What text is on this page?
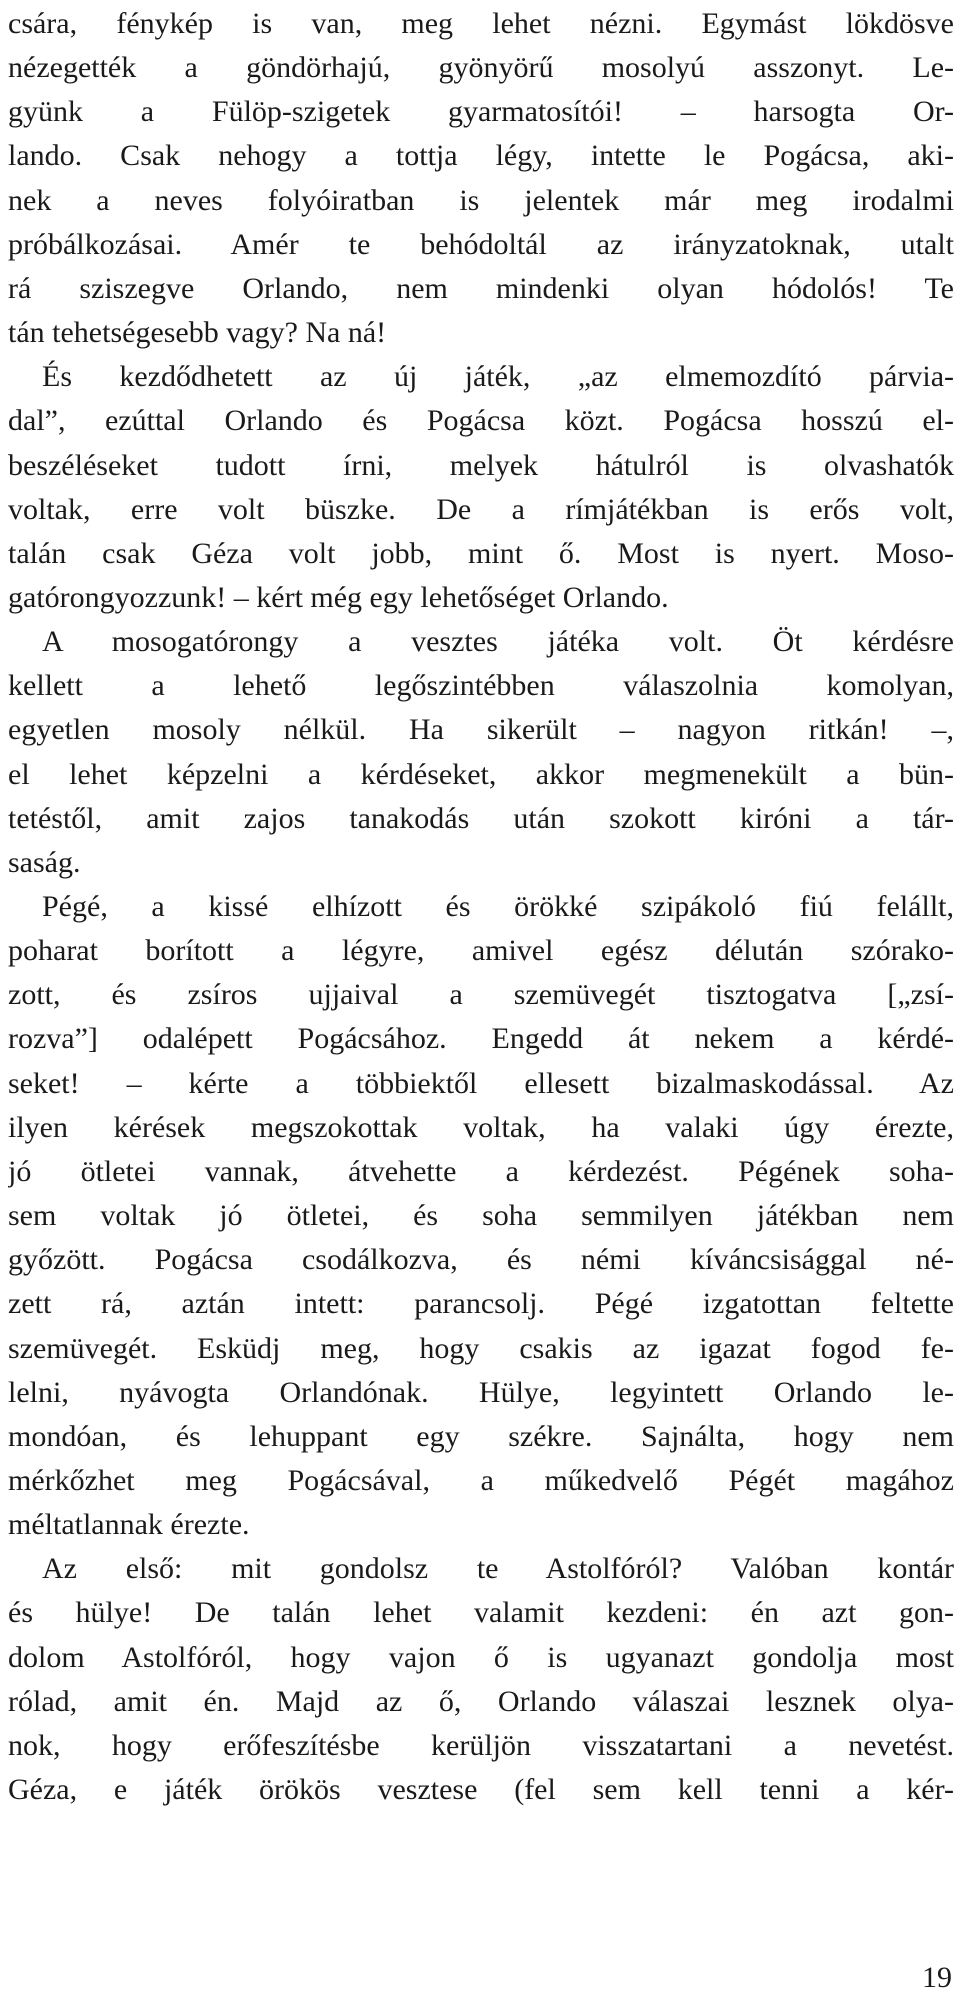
csára, fénykép is van, meg lehet nézni. Egymást lökdösve
nézegették a göndörhajú, gyönyörű mosolyú asszonyt. Le-
gyünk a Fülöp-szigetek gyarmatosítói! – harsogta Or-
lando. Csak nehogy a tottja légy, intette le Pogácsa, aki-
nek a neves folyóiratban is jelentek már meg irodalmi
próbálkozásai. Amér te behódoltál az irányzatoknak, utalt
rá sziszegve Orlando, nem mindenki olyan hódolós! Te
tán tehetségesebb vagy? Na ná!
És kezdődhetett az új játék, „az elmemozdító párvia-
dal”, ezúttal Orlando és Pogácsa közt. Pogácsa hosszú el-
beszéléseket tudott írni, melyek hátulról is olvashatók
voltak, erre volt büszke. De a rímjátékban is erős volt,
talán csak Géza volt jobb, mint ő. Most is nyert. Moso-
gatórongyozzunk! – kért még egy lehetőséget Orlando.
A mosogatórongy a vesztes játéka volt. Öt kérdésre
kellett a lehető legőszintébben válaszolnia komolyan,
egyetlen mosoly nélkül. Ha sikerült – nagyon ritkán! –,
el lehet képzelni a kérdéseket, akkor megmenekült a bün-
tetéstől, amit zajos tanakodás után szokott kiróni a tár-
saság.
Pégé, a kissé elhízott és örökké szipákoló fiú felállt,
poharat borított a légyre, amivel egész délután szórako-
zott, és zsíros ujjaival a szemüvegét tisztogatva [„zsí-
rozva”] odalépett Pogácsához. Engedd át nekem a kérdé-
seket! – kérte a többiektől ellesett bizalmaskodással. Az
ilyen kérések megszokottak voltak, ha valaki úgy érezte,
jó ötletei vannak, átvehette a kérdezést. Pégének soha-
sem voltak jó ötletei, és soha semmilyen játékban nem
győzött. Pogácsa csodálkozva, és némi kíváncsisággal né-
zett rá, aztán intett: parancsolj. Pégé izgatottan feltette
szemüvegét. Esküdj meg, hogy csakis az igazat fogod fe-
lelni, nyávogta Orlandónak. Hülye, legyintett Orlando le-
mondóan, és lehuppant egy székre. Sajnálta, hogy nem
mérkőzhet meg Pogácsával, a műkedvelő Pégét magához
méltatlannak érezte.
Az első: mit gondolsz te Astolfóról? Valóban kontár
és hülye! De talán lehet valamit kezdeni: én azt gon-
dolom Astolfóról, hogy vajon ő is ugyanazt gondolja most
rólad, amit én. Majd az ő, Orlando válaszai lesznek olya-
nok, hogy erőfeszítésbe kerüljön visszatartani a nevetést.
Géza, e játék örökös vesztese (fel sem kell tenni a kér-
19
